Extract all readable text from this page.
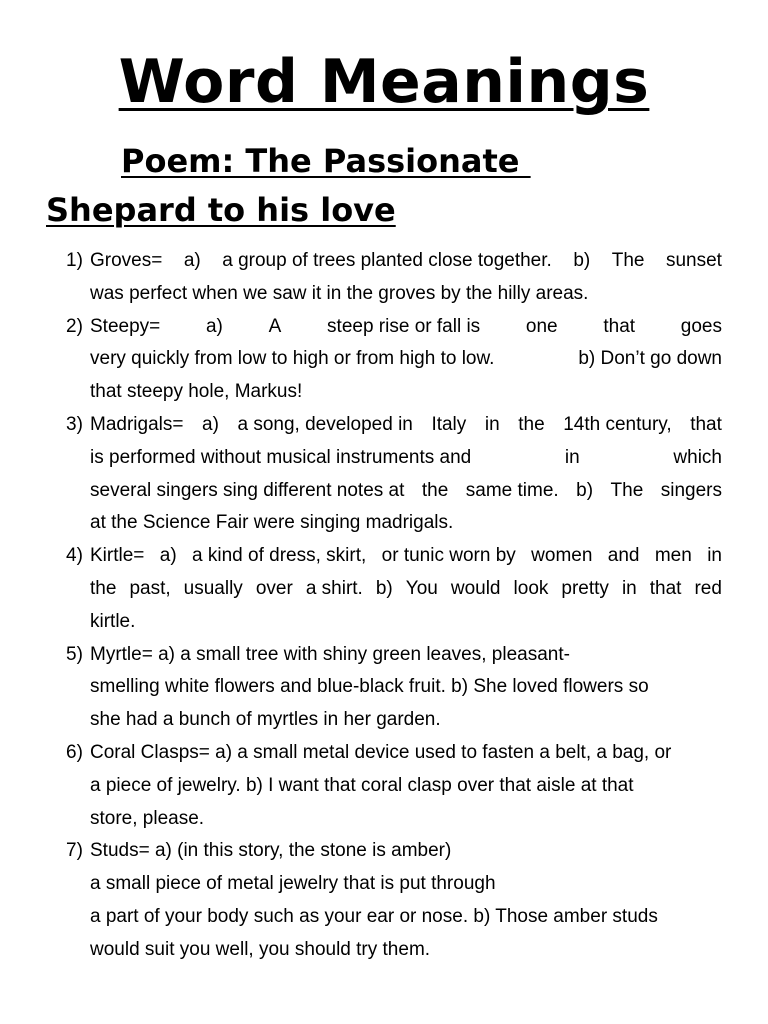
Word Meanings
Poem: The Passionate
Shepard to his love
1) Groves= a) a group of trees planted close together. b) The sunset
was perfect when we saw it in the groves by the hilly areas.
2) Steepy= a) A steep rise or fall is one that goes
very quickly from low to high or from high to low.	b) Don’t go down
that steepy hole, Markus!
3) Madrigals= a) a song, developed in Italy in the 14th century, that
is performed without musical instruments and	in	which
several singers sing different notes at the same time. b) The singers
at the Science Fair were singing madrigals.
4) Kirtle= a) a kind of dress, skirt, or tunic worn by women and men in
the past, usually over a shirt. b) You would look pretty in that red
kirtle.
5) Myrtle= a) a small tree with shiny green leaves, pleasant-
smelling white flowers and blue-black fruit. b) She loved flowers so
she had a bunch of myrtles in her garden.
6) Coral Clasps= a) a small metal device used to fasten a belt, a bag, or
a piece of jewelry. b) I want that coral clasp over that aisle at that
store, please.
7) Studs= a) (in this story, the stone is amber)
a small piece of metal jewelry that is put through
a part of your body such as your ear or nose. b) Those amber studs
would suit you well, you should try them.
